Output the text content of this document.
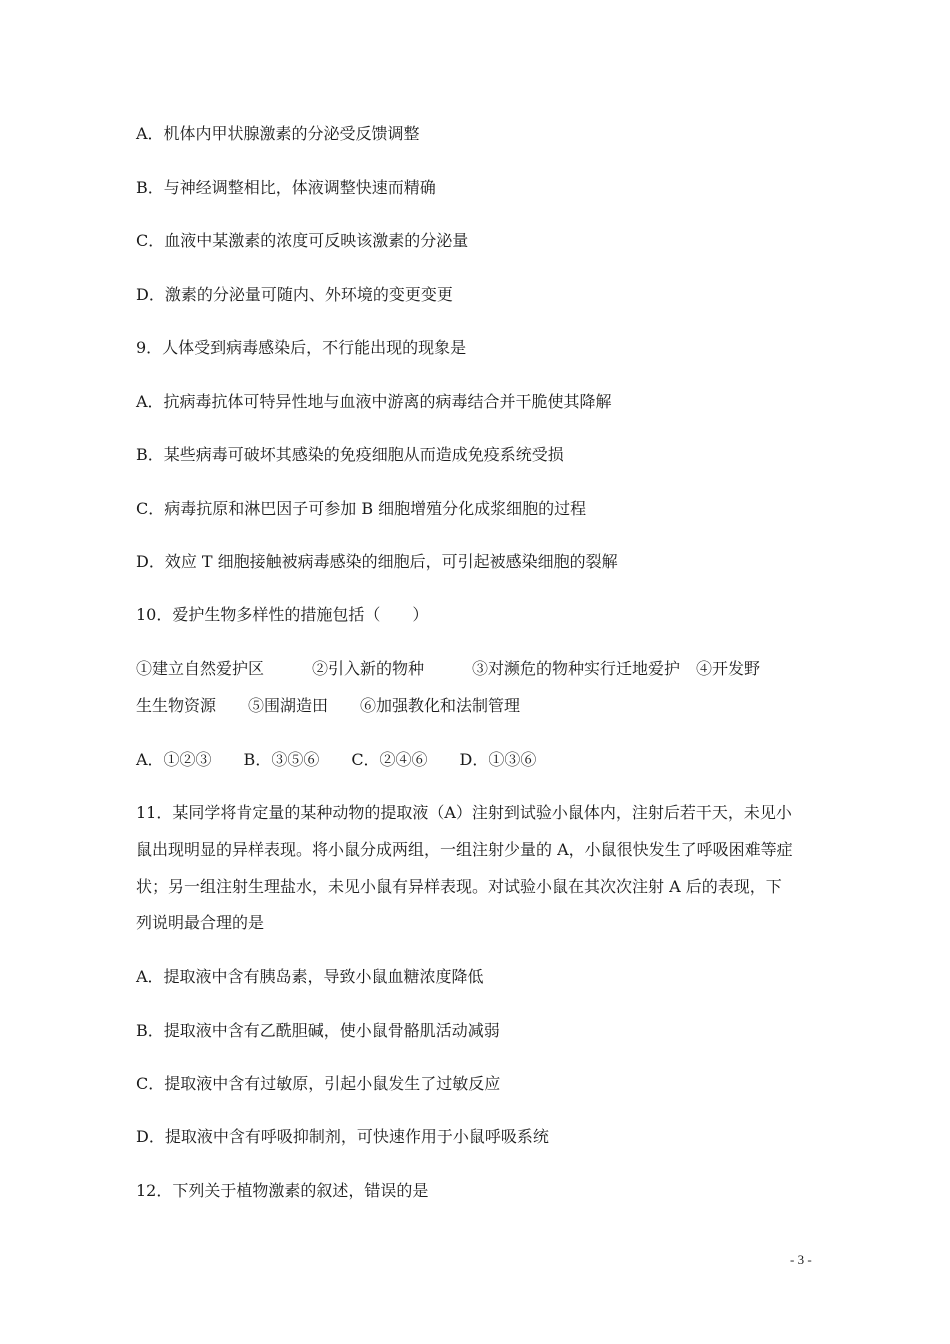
A．机体内甲状腺激素的分泌受反馈调整
B．与神经调整相比，体液调整快速而精确
C．血液中某激素的浓度可反映该激素的分泌量
D．激素的分泌量可随内、外环境的变更变更
9．人体受到病毒感染后，不行能出现的现象是
A．抗病毒抗体可特异性地与血液中游离的病毒结合并干脆使其降解
B．某些病毒可破坏其感染的免疫细胞从而造成免疫系统受损
C．病毒抗原和淋巴因子可参加 B 细胞增殖分化成浆细胞的过程
D．效应 T 细胞接触被病毒感染的细胞后，可引起被感染细胞的裂解
10．爱护生物多样性的措施包括（　　）
①建立自然爱护区　　　②引入新的物种　　　③对濒危的物种实行迁地爱护　④开发野
生生物资源　　⑤围湖造田　　⑥加强教化和法制管理
A．①②③　　B．③⑤⑥　　C．②④⑥　　D．①③⑥
11．某同学将肯定量的某种动物的提取液（A）注射到试验小鼠体内，注射后若干天，未见小
鼠出现明显的异样表现。将小鼠分成两组，一组注射少量的 A，小鼠很快发生了呼吸困难等症
状；另一组注射生理盐水，未见小鼠有异样表现。对试验小鼠在其次次注射 A 后的表现，下
列说明最合理的是
A．提取液中含有胰岛素，导致小鼠血糖浓度降低
B．提取液中含有乙酰胆碱，使小鼠骨骼肌活动减弱
C．提取液中含有过敏原，引起小鼠发生了过敏反应
D．提取液中含有呼吸抑制剂，可快速作用于小鼠呼吸系统
12．下列关于植物激素的叙述，错误的是
- 3 -
